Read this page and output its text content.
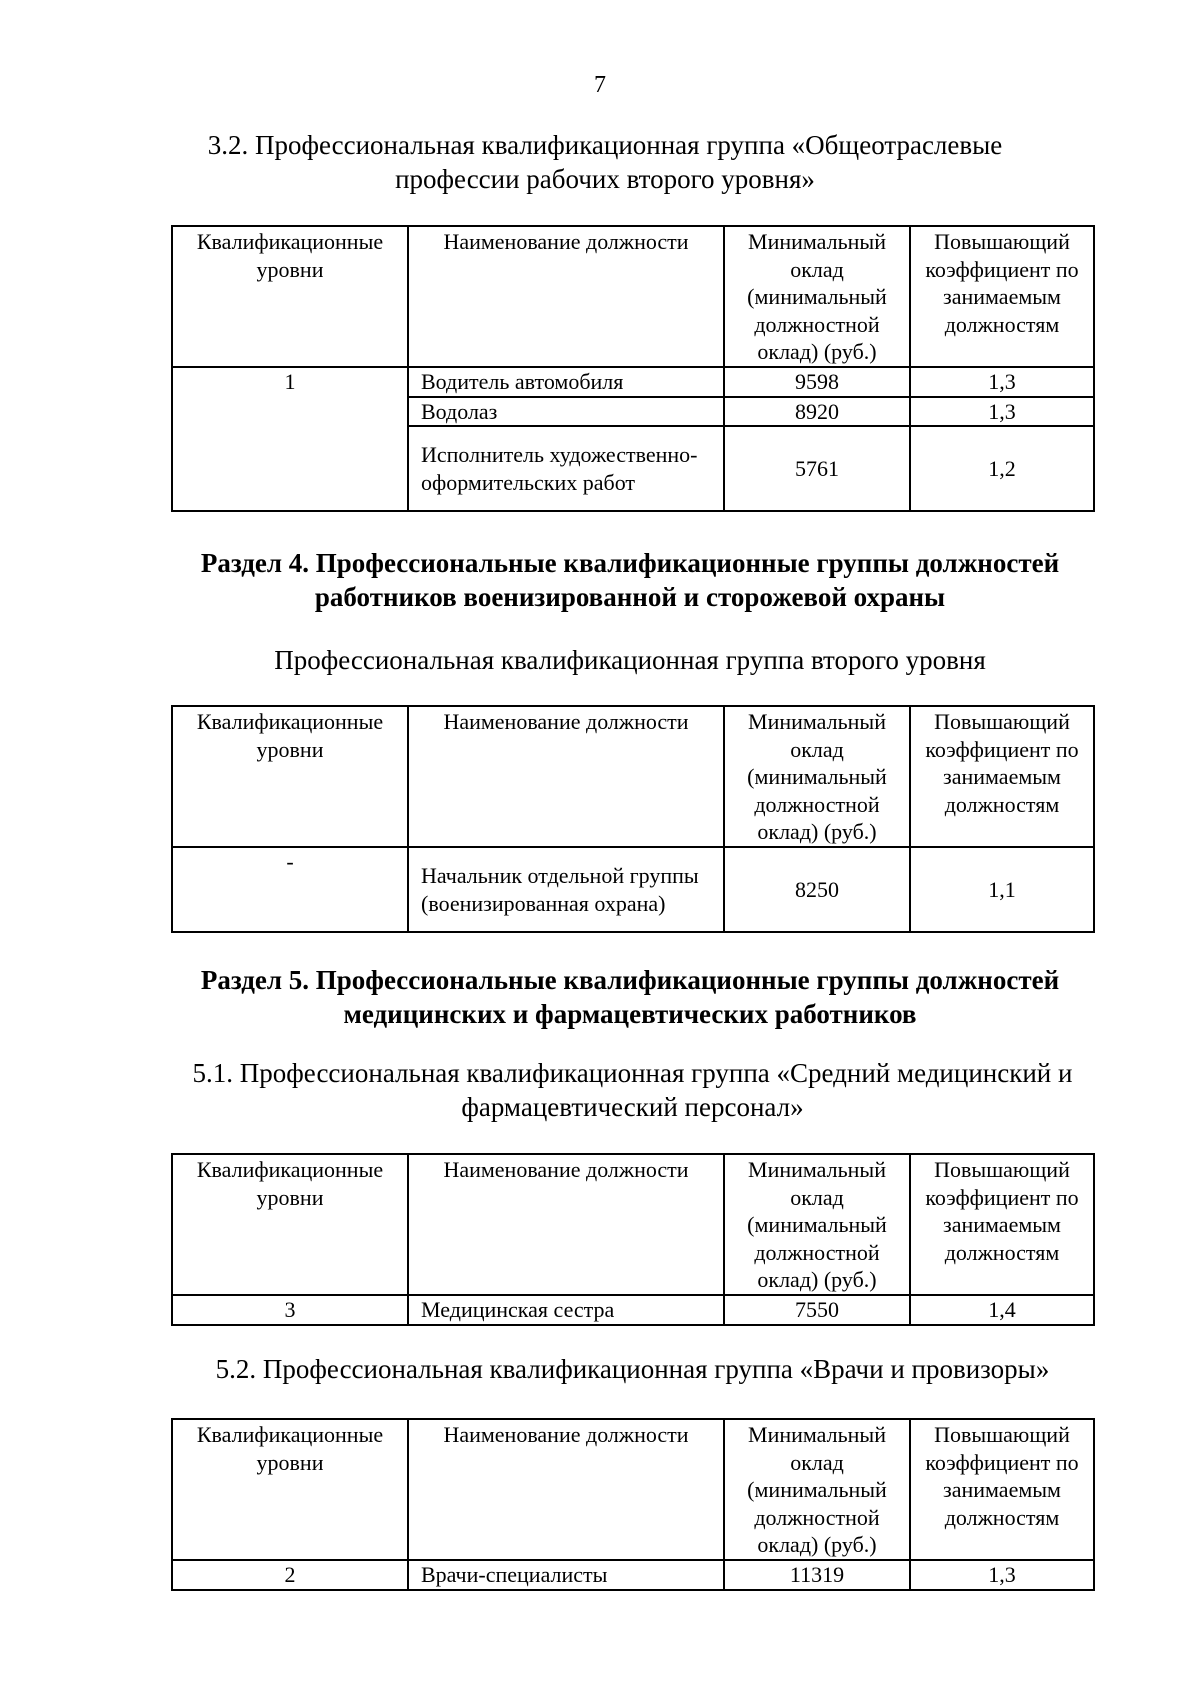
7
3.2. Профессиональная квалификационная группа «Общеотраслевые профессии рабочих второго уровня»
Квалификационные уровни	Наименование должности	Минимальный оклад (минимальный должностной оклад) (руб.)	Повышающий коэффициент по занимаемым должностям
1	Водитель автомобиля	9598	1,3
	Водолаз	8920	1,3
	Исполнитель художественно-оформительских работ	5761	1,2
Раздел 4. Профессиональные квалификационные группы должностей работников военизированной и сторожевой охраны
Профессиональная квалификационная группа второго уровня
Квалификационные уровни	Наименование должности	Минимальный оклад (минимальный должностной оклад) (руб.)	Повышающий коэффициент по занимаемым должностям
-	Начальник отдельной группы (военизированная охрана)	8250	1,1
Раздел 5. Профессиональные квалификационные группы должностей медицинских и фармацевтических работников
5.1. Профессиональная квалификационная группа «Средний медицинский и фармацевтический персонал»
Квалификационные уровни	Наименование должности	Минимальный оклад (минимальный должностной оклад) (руб.)	Повышающий коэффициент по занимаемым должностям
3	Медицинская сестра	7550	1,4
5.2. Профессиональная квалификационная группа «Врачи и провизоры»
Квалификационные уровни	Наименование должности	Минимальный оклад (минимальный должностной оклад) (руб.)	Повышающий коэффициент по занимаемым должностям
2	Врачи-специалисты	11319	1,3
